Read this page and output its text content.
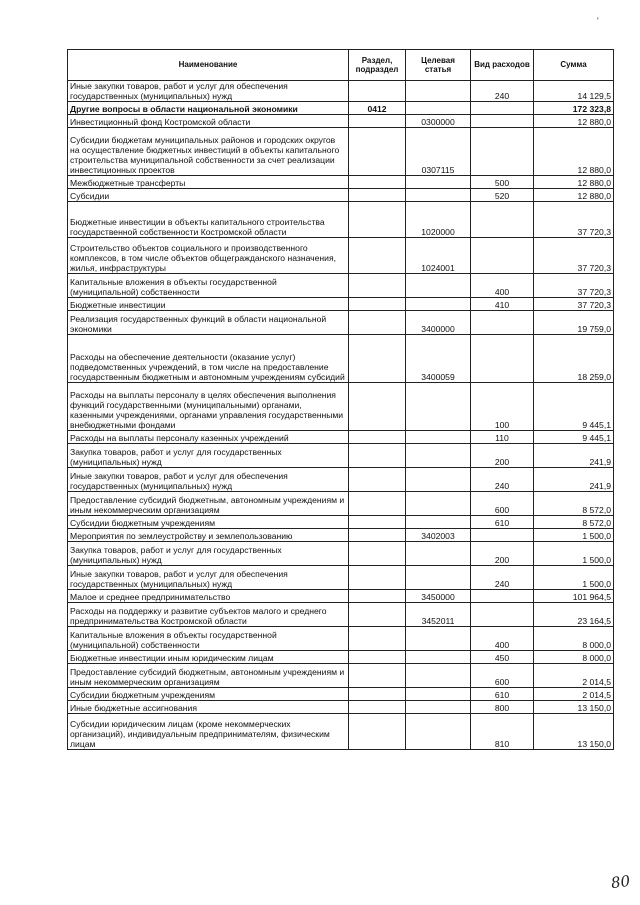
'
Наименование	Раздел, подраздел	Целевая статья	Вид расходов	Сумма
Иные закупки товаров, работ и услуг для обеспечения государственных (муниципальных) нужд			240	14 129,5
Другие вопросы в области национальной экономики	0412			172 323,8
Инвестиционный фонд Костромской области		0300000		12 880,0
Субсидии бюджетам муниципальных районов и городских округов на осуществление бюджетных инвестиций в объекты капитального строительства муниципальной собственности за счет реализации инвестиционных проектов		0307115		12 880,0
Межбюджетные трансферты			500	12 880,0
Субсидии			520	12 880,0
Бюджетные инвестиции в объекты капитального строительства государственной собственности Костромской области		1020000		37 720,3
Строительство объектов социального и производственного комплексов, в том числе объектов общегражданского назначения, жилья, инфраструктуры		1024001		37 720,3
Капитальные вложения в объекты государственной (муниципальной) собственности			400	37 720,3
Бюджетные инвестиции			410	37 720,3
Реализация государственных функций в области национальной экономики		3400000		19 759,0
Расходы на обеспечение деятельности (оказание услуг) подведомственных учреждений, в том числе на предоставление государственным бюджетным и автономным учреждениям субсидий		3400059		18 259,0
Расходы на выплаты персоналу в целях обеспечения выполнения функций государственными (муниципальными) органами, казенными учреждениями, органами управления государственными внебюджетными фондами			100	9 445,1
Расходы на выплаты персоналу казенных учреждений			110	9 445,1
Закупка товаров, работ и услуг для государственных (муниципальных) нужд			200	241,9
Иные закупки товаров, работ и услуг для обеспечения государственных (муниципальных) нужд			240	241,9
Предоставление субсидий бюджетным, автономным учреждениям и иным некоммерческим организациям			600	8 572,0
Субсидии бюджетным учреждениям			610	8 572,0
Мероприятия по землеустройству и землепользованию		3402003		1 500,0
Закупка товаров, работ и услуг для государственных (муниципальных) нужд			200	1 500,0
Иные закупки товаров, работ и услуг для обеспечения государственных (муниципальных) нужд			240	1 500,0
Малое и среднее предпринимательство		3450000		101 964,5
Расходы на поддержку и развитие субъектов малого и среднего предпринимательства Костромской области		3452011		23 164,5
Капитальные вложения в объекты государственной (муниципальной) собственности			400	8 000,0
Бюджетные инвестиции иным юридическим лицам			450	8 000,0
Предоставление субсидий бюджетным, автономным учреждениям и иным некоммерческим организациям			600	2 014,5
Субсидии бюджетным учреждениям			610	2 014,5
Иные бюджетные ассигнования			800	13 150,0
Субсидии юридическим лицам (кроме некоммерческих организаций), индивидуальным предпринимателям, физическим лицам			810	13 150,0
80
